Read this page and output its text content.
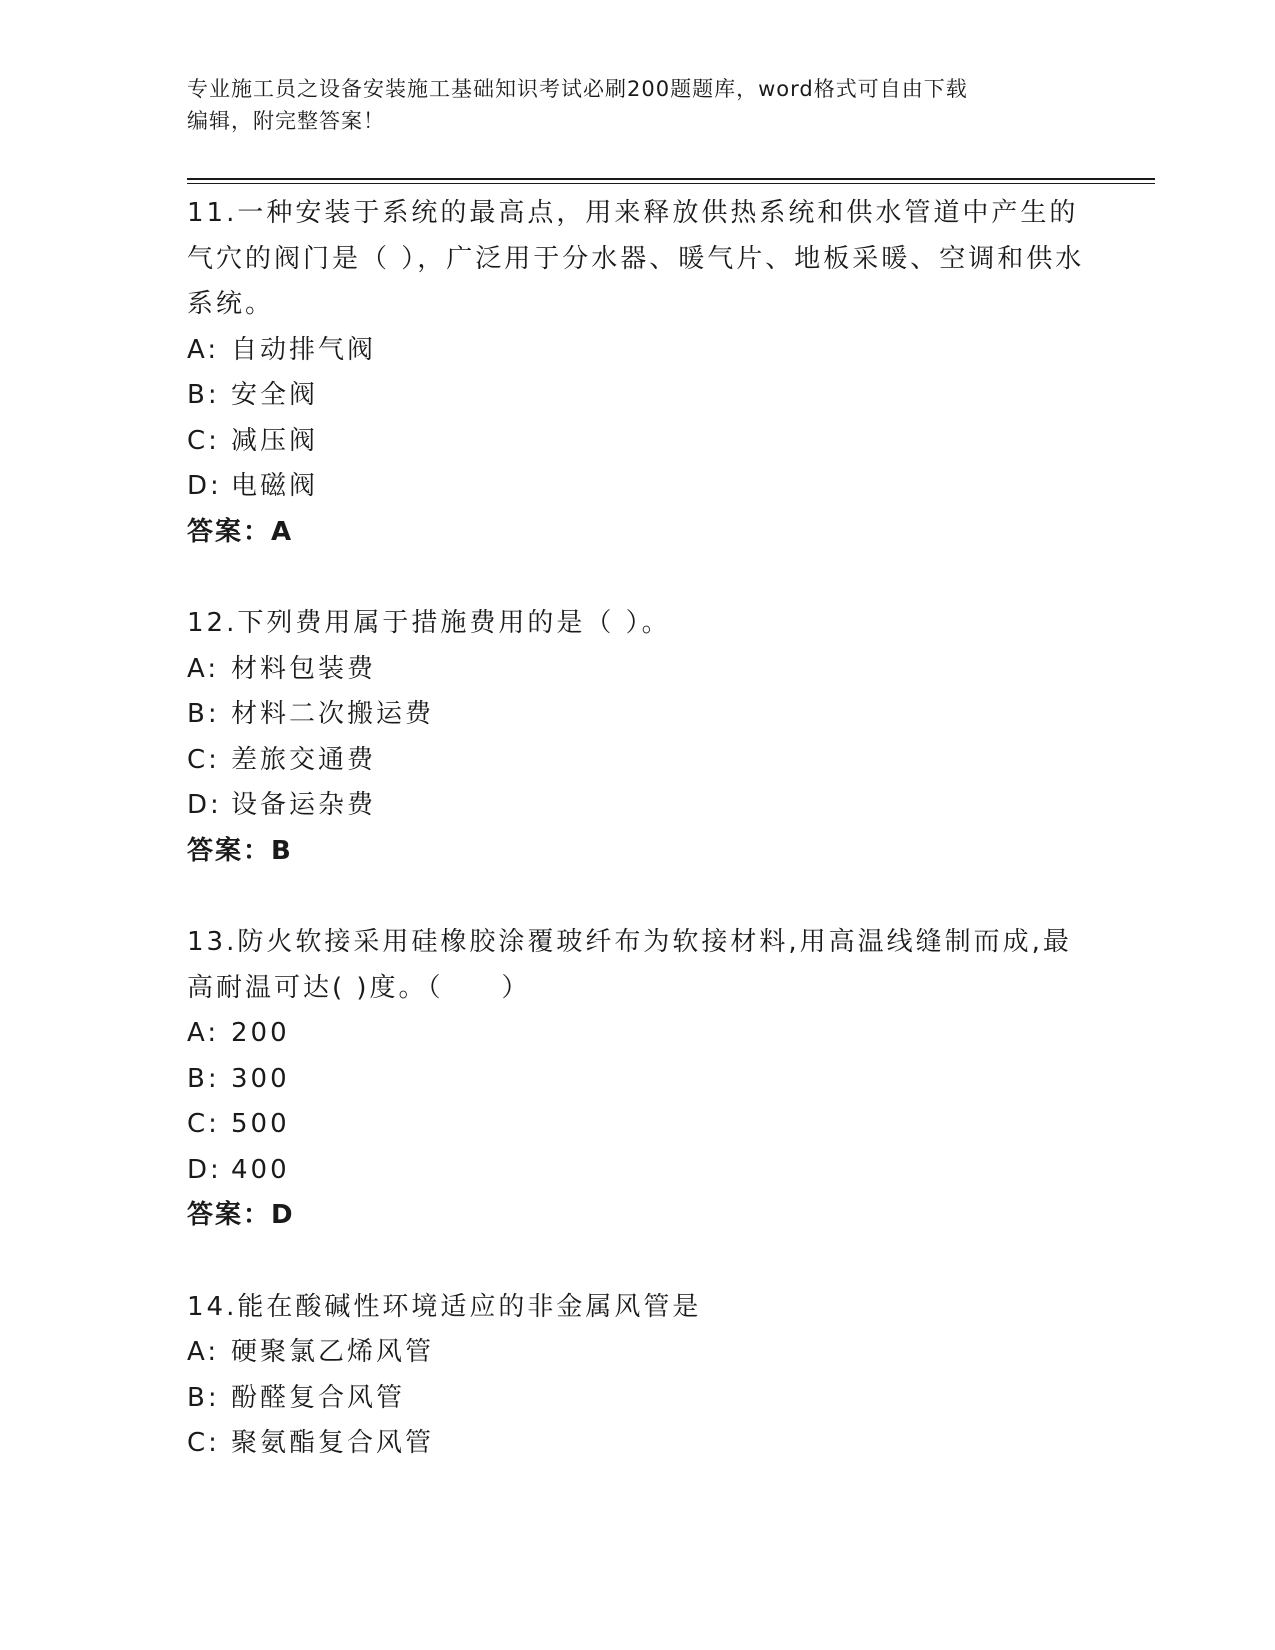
专业施工员之设备安装施工基础知识考试必刷200题题库，word格式可自由下载
编辑，附完整答案！
11.一种安装于系统的最高点，用来释放供热系统和供水管道中产生的气穴的阀门是（ ），广泛用于分水器、暖气片、地板采暖、空调和供水系统。
A: 自动排气阀
B: 安全阀
C: 减压阀
D: 电磁阀
答案：A
12.下列费用属于措施费用的是（ ）。
A: 材料包装费
B: 材料二次搬运费
C: 差旅交通费
D: 设备运杂费
答案：B
13.防火软接采用硅橡胶涂覆玻纤布为软接材料,用高温线缝制而成,最高耐温可达( )度。（　　）
A: 200
B: 300
C: 500
D: 400
答案：D
14.能在酸碱性环境适应的非金属风管是
A: 硬聚氯乙烯风管
B: 酚醛复合风管
C: 聚氨酯复合风管
